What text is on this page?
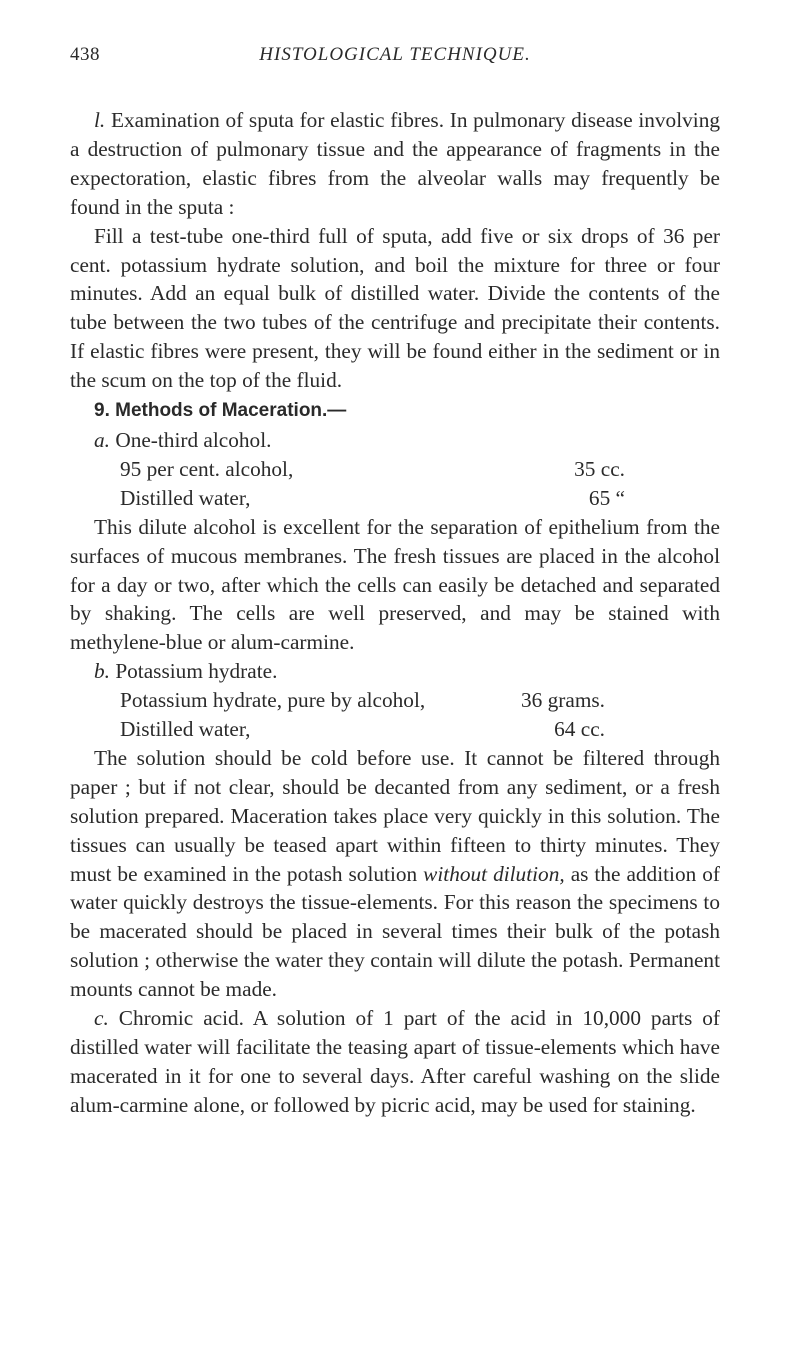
438	HISTOLOGICAL TECHNIQUE.

l. Examination of sputa for elastic fibres. In pulmonary disease involving a destruction of pulmonary tissue and the appearance of fragments in the expectoration, elastic fibres from the alveolar walls may frequently be found in the sputa :

Fill a test-tube one-third full of sputa, add five or six drops of 36 per cent. potassium hydrate solution, and boil the mixture for three or four minutes. Add an equal bulk of distilled water. Divide the contents of the tube between the two tubes of the centrifuge and precipitate their contents. If elastic fibres were present, they will be found either in the sediment or in the scum on the top of the fluid.

9. Methods of Maceration.—

a. One-third alcohol.

95 per cent. alcohol,	35 cc.
Distilled water,	65 “

This dilute alcohol is excellent for the separation of epithelium from the surfaces of mucous membranes. The fresh tissues are placed in the alcohol for a day or two, after which the cells can easily be detached and separated by shaking. The cells are well preserved, and may be stained with methylene-blue or alum-carmine.

b. Potassium hydrate.

Potassium hydrate, pure by alcohol,	36 grams.
Distilled water,	64 cc.

The solution should be cold before use. It cannot be filtered through paper ; but if not clear, should be decanted from any sediment, or a fresh solution prepared. Maceration takes place very quickly in this solution. The tissues can usually be teased apart within fifteen to thirty minutes. They must be examined in the potash solution without dilution, as the addition of water quickly destroys the tissue-elements. For this reason the specimens to be macerated should be placed in several times their bulk of the potash solution ; otherwise the water they contain will dilute the potash. Permanent mounts cannot be made.

c. Chromic acid. A solution of 1 part of the acid in 10,000 parts of distilled water will facilitate the teasing apart of tissue-elements which have macerated in it for one to several days. After careful washing on the slide alum-carmine alone, or followed by picric acid, may be used for staining.
